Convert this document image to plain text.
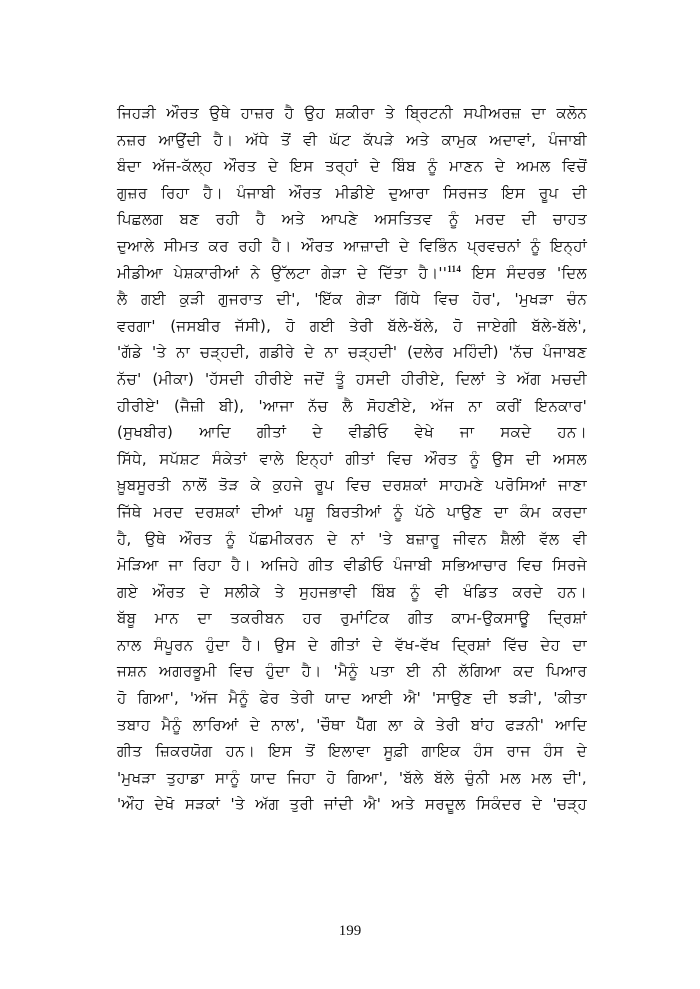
ਜਿਹੜੀ ਔਰਤ ਉਥੇ ਹਾਜ਼ਰ ਹੈ ਉਹ ਸ਼ਕੀਰਾ ਤੇ ਬ੍ਰਿਟਨੀ ਸਪੀਅਰਜ਼ ਦਾ ਕਲੋਨ
ਨਜ਼ਰ ਆਉਂਦੀ ਹੈ। ਅੱਧੇ ਤੋਂ ਵੀ ਘੱਟ ਕੱਪੜੇ ਅਤੇ ਕਾਮੁਕ ਅਦਾਵਾਂ, ਪੰਜਾਬੀ
ਬੰਦਾ ਅੱਜ-ਕੱਲ੍ਹ ਔਰਤ ਦੇ ਇਸ ਤਰ੍ਹਾਂ ਦੇ ਬਿੰਬ ਨੂੰ ਮਾਣਨ ਦੇ ਅਮਲ ਵਿਚੋਂ
ਗੁਜ਼ਰ ਰਿਹਾ ਹੈ। ਪੰਜਾਬੀ ਔਰਤ ਮੀਡੀਏ ਦੁਆਰਾ ਸਿਰਜਤ ਇਸ ਰੂਪ ਦੀ
ਪਿਛਲਗ ਬਣ ਰਹੀ ਹੈ ਅਤੇ ਆਪਣੇ ਅਸਤਿਤਵ ਨੂੰ ਮਰਦ ਦੀ ਚਾਹਤ
ਦੁਆਲੇ ਸੀਮਤ ਕਰ ਰਹੀ ਹੈ। ਔਰਤ ਆਜ਼ਾਦੀ ਦੇ ਵਿਭਿੰਨ ਪ੍ਰਵਚਨਾਂ ਨੂੰ ਇਨ੍ਹਾਂ
ਮੀਡੀਆ ਪੇਸ਼ਕਾਰੀਆਂ ਨੇ ਉੱਲਟਾ ਗੇੜਾ ਦੇ ਦਿੱਤਾ $ਹੈ।''^{114}$ ਇਸ ਸੰਦਰਭ 'ਦਿਲ
ਲੈ ਗਈ ਕੁੜੀ ਗੁਜਰਾਤ ਦੀ', 'ਇੱਕ ਗੇੜਾ ਗਿੱਧੇ ਵਿਚ ਹੋਰ', 'ਮੁਖੜਾ ਚੰਨ
ਵਰਗਾ' (ਜਸਬੀਰ ਜੱਸੀ), ਹੋ ਗਈ ਤੇਰੀ ਬੱਲੇ-ਬੱਲੇ, ਹੋ ਜਾਏਗੀ ਬੱਲੇ-ਬੱਲੇ',
'ਗੱਡੇ 'ਤੇ ਨਾ ਚੜ੍ਹਦੀ, ਗਡੀਰੇ ਦੇ ਨਾ ਚੜ੍ਹਦੀ' (ਦਲੇਰ ਮਹਿੰਦੀ) 'ਨੱਚ ਪੰਜਾਬਣ
ਨੱਚ' (ਮੀਕਾ) 'ਹੱਸਦੀ ਹੀਰੀਏ ਜਦੋਂ ਤੂੰ ਹਸਦੀ ਹੀਰੀਏ, ਦਿਲਾਂ ਤੇ ਅੱਗ ਮਚਦੀ
ਹੀਰੀਏ' (ਜੈਜ਼ੀ ਬੀ), 'ਆਜਾ ਨੱਚ ਲੈ ਸੋਹਣੀਏ, ਅੱਜ ਨਾ ਕਰੀਂ ਇਨਕਾਰ'
(ਸੁਖਬੀਰ) ਆਦਿ ਗੀਤਾਂ ਦੇ ਵੀਡੀਓ ਵੇਖੇ ਜਾ ਸਕਦੇ ਹਨ।
ਸਿੱਧੇ, ਸਪੱਸ਼ਟ ਸੰਕੇਤਾਂ ਵਾਲੇ ਇਨ੍ਹਾਂ ਗੀਤਾਂ ਵਿਚ ਔਰਤ ਨੂੰ ਉਸ ਦੀ ਅਸਲ
ਖ਼ੂਬਸੂਰਤੀ ਨਾਲੋਂ ਤੋੜ ਕੇ ਕੁਹਜੇ ਰੂਪ ਵਿਚ ਦਰਸ਼ਕਾਂ ਸਾਹਮਣੇ ਪਰੋਸਿਆਂ ਜਾਣਾ
ਜਿੱਥੇ ਮਰਦ ਦਰਸ਼ਕਾਂ ਦੀਆਂ ਪਸ਼ੂ ਬਿਰਤੀਆਂ ਨੂੰ ਪੱਠੇ ਪਾਉਣ ਦਾ ਕੰਮ ਕਰਦਾ
ਹੈ, ਉਥੇ ਔਰਤ ਨੂੰ ਪੱਛਮੀਕਰਨ ਦੇ ਨਾਂ 'ਤੇ ਬਜ਼ਾਰੂ ਜੀਵਨ ਸ਼ੈਲੀ ਵੱਲ ਵੀ
ਮੋੜਿਆ ਜਾ ਰਿਹਾ ਹੈ। ਅਜਿਹੇ ਗੀਤ ਵੀਡੀਓ ਪੰਜਾਬੀ ਸਭਿਆਚਾਰ ਵਿਚ ਸਿਰਜੇ
ਗਏ ਔਰਤ ਦੇ ਸਲੀਕੇ ਤੇ ਸੁਹਜਭਾਵੀ ਬਿੰਬ ਨੂੰ ਵੀ ਖੰਡਿਤ ਕਰਦੇ ਹਨ।
ਬੱਬੂ ਮਾਨ ਦਾ ਤਕਰੀਬਨ ਹਰ ਰੁਮਾਂਟਿਕ ਗੀਤ ਕਾਮ-ਉਕਸਾਊ ਦ੍ਰਿਸ਼ਾਂ
ਨਾਲ ਸੰਪੂਰਨ ਹੁੰਦਾ ਹੈ। ਉਸ ਦੇ ਗੀਤਾਂ ਦੇ ਵੱਖ-ਵੱਖ ਦ੍ਰਿਸ਼ਾਂ ਵਿੱਚ ਦੇਹ ਦਾ
ਜਸ਼ਨ ਅਗਰਭੂਮੀ ਵਿਚ ਹੁੰਦਾ ਹੈ। 'ਮੈਨੂੰ ਪਤਾ ਈ ਨੀ ਲੱਗਿਆ ਕਦ ਪਿਆਰ
ਹੋ ਗਿਆ', 'ਅੱਜ ਮੈਨੂੰ ਫੇਰ ਤੇਰੀ ਯਾਦ ਆਈ ਐ' 'ਸਾਉਣ ਦੀ ਝੜੀ', 'ਕੀਤਾ
ਤਬਾਹ ਮੈਨੂੰ ਲਾਰਿਆਂ ਦੇ ਨਾਲ', 'ਚੌਥਾ ਪੈੱਗ ਲਾ ਕੇ ਤੇਰੀ ਬਾਂਹ ਫੜਨੀ' ਆਦਿ
ਗੀਤ ਜ਼ਿਕਰਯੋਗ ਹਨ। ਇਸ ਤੋਂ ਇਲਾਵਾ ਸੂਫ਼ੀ ਗਾਇਕ ਹੰਸ ਰਾਜ ਹੰਸ ਦੇ
'ਮੁਖੜਾ ਤੁਹਾਡਾ ਸਾਨੂੰ ਯਾਦ ਜਿਹਾ ਹੋ ਗਿਆ', 'ਬੱਲੇ ਬੱਲੇ ਚੁੰਨੀ ਮਲ ਮਲ ਦੀ',
'ਔਹ ਦੇਖੋ ਸੜਕਾਂ 'ਤੇ ਅੱਗ ਤੁਰੀ ਜਾਂਦੀ ਐ' ਅਤੇ ਸਰਦੂਲ ਸਿਕੰਦਰ ਦੇ 'ਚੜ੍ਹ
199
